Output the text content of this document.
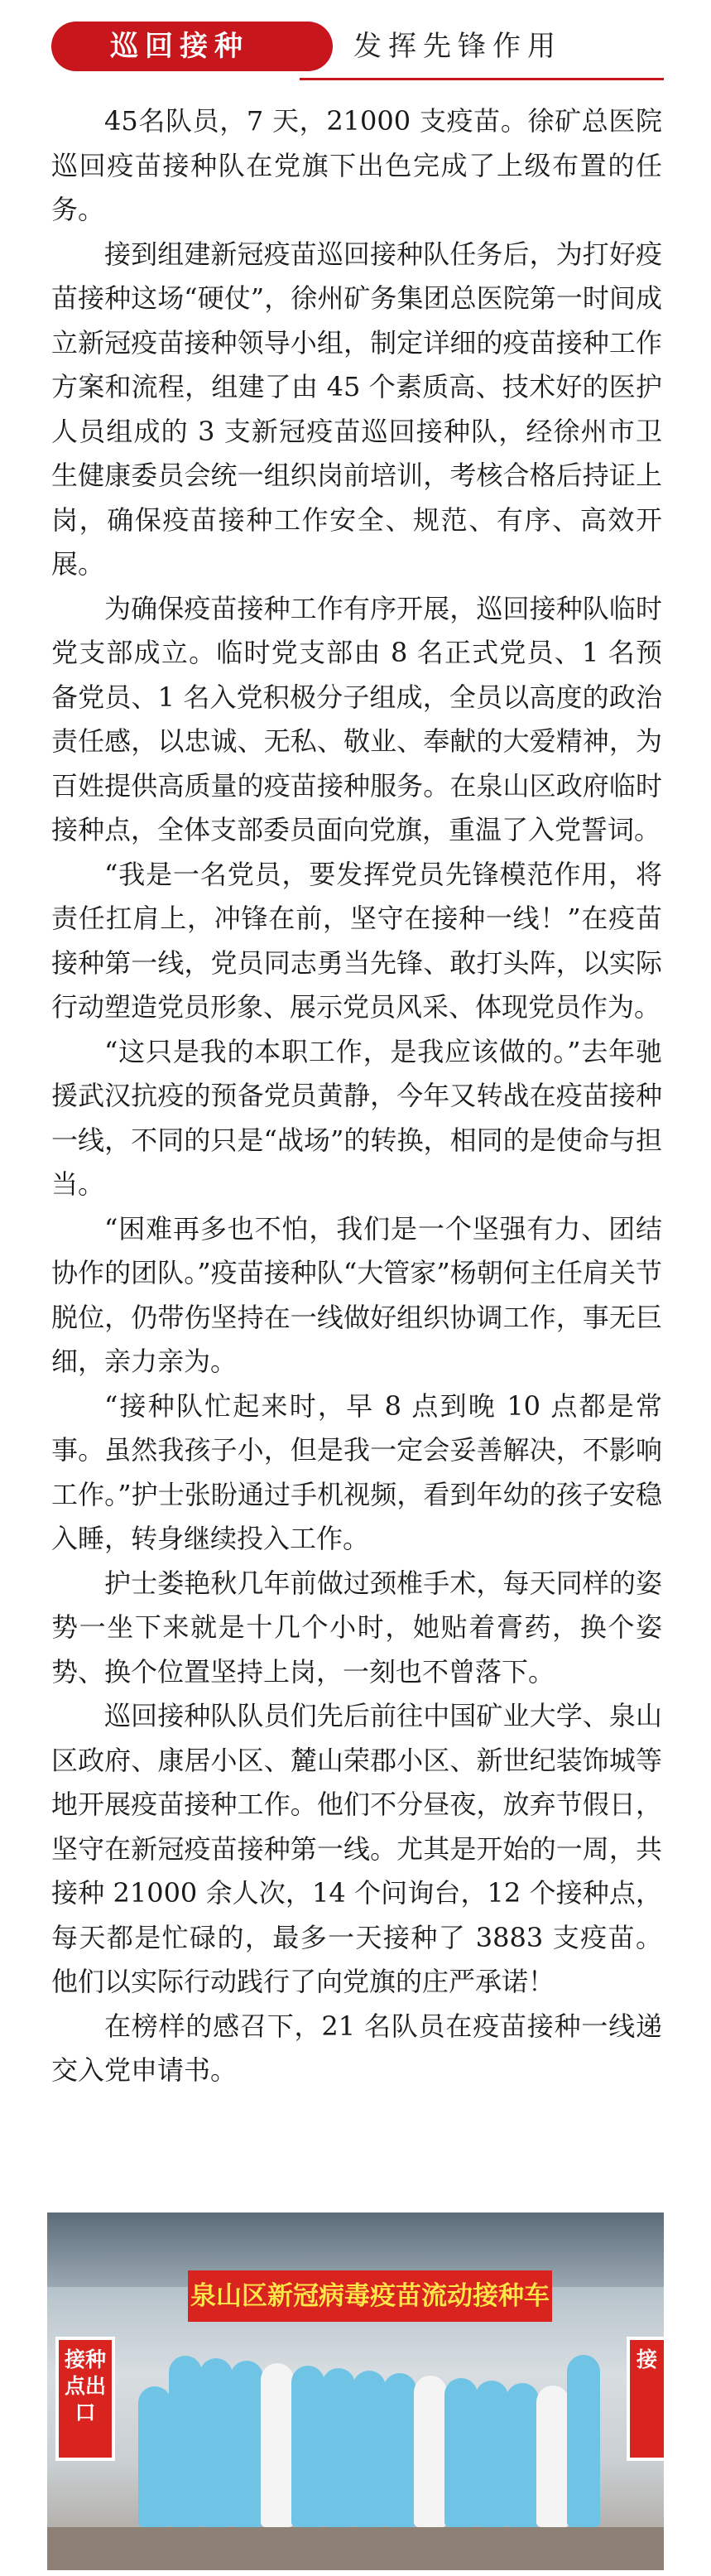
巡回接种	发挥先锋作用

45名队员，7 天，21000 支疫苗。徐矿总医院巡回疫苗接种队在党旗下出色完成了上级布置的任务。

接到组建新冠疫苗巡回接种队任务后，为打好疫苗接种这场“硬仗”，徐州矿务集团总医院第一时间成立新冠疫苗接种领导小组，制定详细的疫苗接种工作方案和流程，组建了由 45 个素质高、技术好的医护人员组成的 3 支新冠疫苗巡回接种队，经徐州市卫生健康委员会统一组织岗前培训，考核合格后持证上岗，确保疫苗接种工作安全、规范、有序、高效开展。

为确保疫苗接种工作有序开展，巡回接种队临时党支部成立。临时党支部由 8 名正式党员、1 名预备党员、1 名入党积极分子组成，全员以高度的政治责任感，以忠诚、无私、敬业、奉献的大爱精神，为百姓提供高质量的疫苗接种服务。在泉山区政府临时接种点，全体支部委员面向党旗，重温了入党誓词。

“我是一名党员，要发挥党员先锋模范作用，将责任扛肩上，冲锋在前，坚守在接种一线！”在疫苗接种第一线，党员同志勇当先锋、敢打头阵，以实际行动塑造党员形象、展示党员风采、体现党员作为。

“这只是我的本职工作，是我应该做的。”去年驰援武汉抗疫的预备党员黄静，今年又转战在疫苗接种一线，不同的只是“战场”的转换，相同的是使命与担当。

“困难再多也不怕，我们是一个坚强有力、团结协作的团队。”疫苗接种队“大管家”杨朝何主任肩关节脱位，仍带伤坚持在一线做好组织协调工作，事无巨细，亲力亲为。

“接种队忙起来时，早 8 点到晚 10 点都是常事。虽然我孩子小，但是我一定会妥善解决，不影响工作。”护士张盼通过手机视频，看到年幼的孩子安稳入睡，转身继续投入工作。

护士娄艳秋几年前做过颈椎手术，每天同样的姿势一坐下来就是十几个小时，她贴着膏药，换个姿势、换个位置坚持上岗，一刻也不曾落下。

巡回接种队队员们先后前往中国矿业大学、泉山区政府、康居小区、麓山荣郡小区、新世纪装饰城等地开展疫苗接种工作。他们不分昼夜，放弃节假日，坚守在新冠疫苗接种第一线。尤其是开始的一周，共接种 21000 余人次，14 个问询台，12 个接种点，每天都是忙碌的，最多一天接种了 3883 支疫苗。他们以实际行动践行了向党旗的庄严承诺！

在榜样的感召下，21 名队员在疫苗接种一线递交入党申请书。

泉山区新冠病毒疫苗流动接种车
接种点出口
接
